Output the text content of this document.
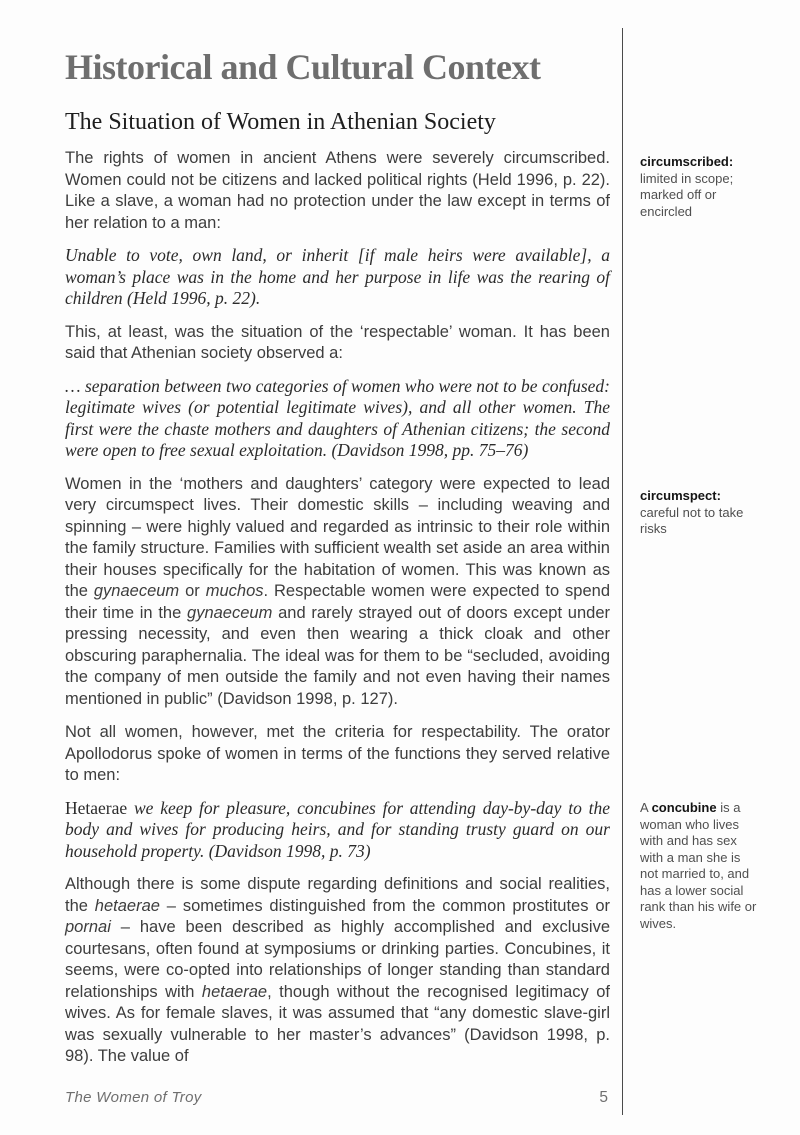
Historical and Cultural Context
The Situation of Women in Athenian Society

The rights of women in ancient Athens were severely circumscribed. Women could not be citizens and lacked political rights (Held 1996, p. 22). Like a slave, a woman had no protection under the law except in terms of her relation to a man:

Unable to vote, own land, or inherit [if male heirs were available], a woman’s place was in the home and her purpose in life was the rearing of children (Held 1996, p. 22).

This, at least, was the situation of the ‘respectable’ woman. It has been said that Athenian society observed a:

… separation between two categories of women who were not to be confused: legitimate wives (or potential legitimate wives), and all other women. The first were the chaste mothers and daughters of Athenian citizens; the second were open to free sexual exploitation. (Davidson 1998, pp. 75–76)

Women in the ‘mothers and daughters’ category were expected to lead very circumspect lives. Their domestic skills – including weaving and spinning – were highly valued and regarded as intrinsic to their role within the family structure. Families with sufficient wealth set aside an area within their houses specifically for the habitation of women. This was known as the gynaeceum or muchos. Respectable women were expected to spend their time in the gynaeceum and rarely strayed out of doors except under pressing necessity, and even then wearing a thick cloak and other obscuring paraphernalia. The ideal was for them to be “secluded, avoiding the company of men outside the family and not even having their names mentioned in public” (Davidson 1998, p. 127).

Not all women, however, met the criteria for respectability. The orator Apollodorus spoke of women in terms of the functions they served relative to men:

Hetaerae we keep for pleasure, concubines for attending day-by-day to the body and wives for producing heirs, and for standing trusty guard on our household property. (Davidson 1998, p. 73)

Although there is some dispute regarding definitions and social realities, the hetaerae – sometimes distinguished from the common prostitutes or pornai – have been described as highly accomplished and exclusive courtesans, often found at symposiums or drinking parties. Concubines, it seems, were co-opted into relationships of longer standing than standard relationships with hetaerae, though without the recognised legitimacy of wives. As for female slaves, it was assumed that “any domestic slave-girl was sexually vulnerable to her master’s advances” (Davidson 1998, p. 98). The value of

circumscribed:
limited in scope; marked off or encircled
circumspect:
careful not to take risks
A concubine is a woman who lives with and has sex with a man she is not married to, and has a lower social rank than his wife or wives.
The Women of Troy	5
